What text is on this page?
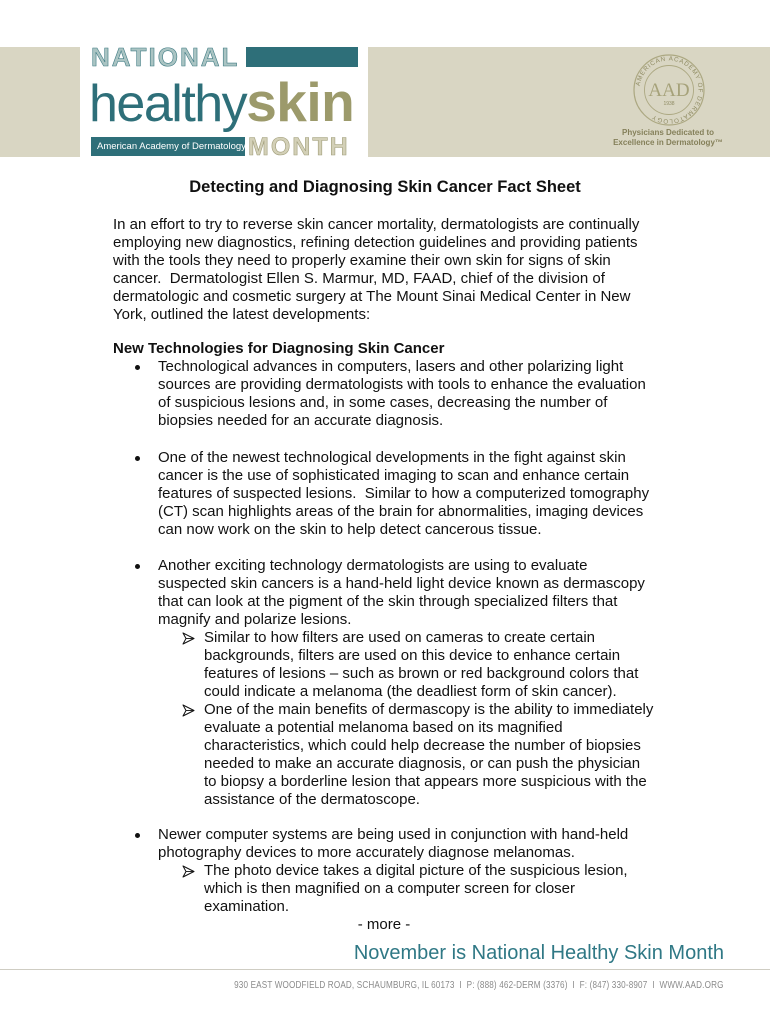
NATIONAL
healthyskin
American Academy of Dermatology MONTH
AMERICAN ACADEMY OF DERMATOLOGY
AAD
1938
Physicians Dedicated to
Excellence in Dermatology™
Detecting and Diagnosing Skin Cancer Fact Sheet
In an effort to try to reverse skin cancer mortality, dermatologists are continually
employing new diagnostics, refining detection guidelines and providing patients
with the tools they need to properly examine their own skin for signs of skin
cancer.  Dermatologist Ellen S. Marmur, MD, FAAD, chief of the division of
dermatologic and cosmetic surgery at The Mount Sinai Medical Center in New
York, outlined the latest developments:
New Technologies for Diagnosing Skin Cancer
Technological advances in computers, lasers and other polarizing light
sources are providing dermatologists with tools to enhance the evaluation
of suspicious lesions and, in some cases, decreasing the number of
biopsies needed for an accurate diagnosis.
One of the newest technological developments in the fight against skin
cancer is the use of sophisticated imaging to scan and enhance certain
features of suspected lesions.  Similar to how a computerized tomography
(CT) scan highlights areas of the brain for abnormalities, imaging devices
can now work on the skin to help detect cancerous tissue.
Another exciting technology dermatologists are using to evaluate
suspected skin cancers is a hand-held light device known as dermascopy
that can look at the pigment of the skin through specialized filters that
magnify and polarize lesions.
Similar to how filters are used on cameras to create certain
backgrounds, filters are used on this device to enhance certain
features of lesions – such as brown or red background colors that
could indicate a melanoma (the deadliest form of skin cancer).
One of the main benefits of dermascopy is the ability to immediately
evaluate a potential melanoma based on its magnified
characteristics, which could help decrease the number of biopsies
needed to make an accurate diagnosis, or can push the physician
to biopsy a borderline lesion that appears more suspicious with the
assistance of the dermatoscope.
Newer computer systems are being used in conjunction with hand-held
photography devices to more accurately diagnose melanomas.
The photo device takes a digital picture of the suspicious lesion,
which is then magnified on a computer screen for closer
examination.
- more -
November is National Healthy Skin Month
930 EAST WOODFIELD ROAD, SCHAUMBURG, IL 60173  I  P: (888) 462-DERM (3376)  I  F: (847) 330-8907  I  WWW.AAD.ORG
